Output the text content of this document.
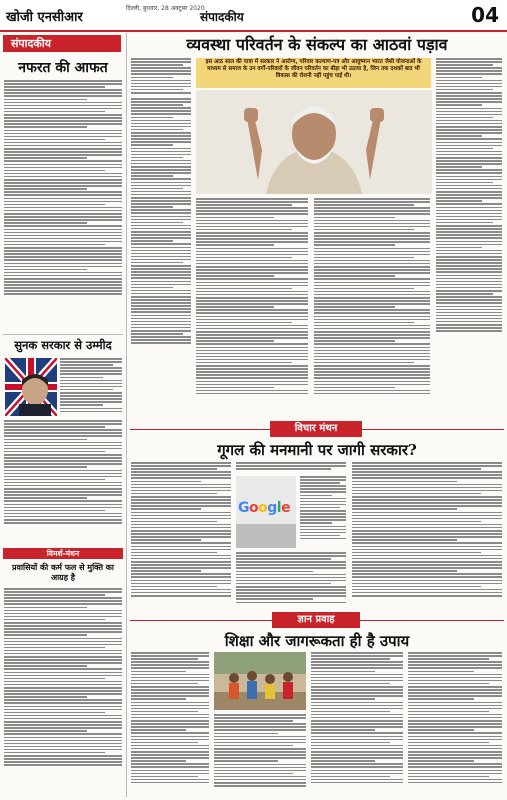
खोजी एनसीआर
दिल्ली, बुधवार, 28 अक्टूबर 2020
संपादकीय	04
संपादकीय
नफरत की आफत
सुनक सरकार से उम्मीद
विमर्श-मंथन
प्रवासियों की कर्म फल से मुक्ति का आग्रह है
व्यवस्था परिवर्तन के संकल्प का आठवां पड़ाव
इस आठ साल की यात्रा में सरकार ने आरोग्य, परिवार कल्याण-पत्र और आयुष्मान भारत जैसी योजनाओं के माध्यम से समाज के उन वर्गों-परिवारों के जीवन परिवर्तन का बीड़ा भी उठाया है, जिन तक दशकों बाद भी विकास की रोशनी नहीं पहुंच पाई थी।
विचार मंथन
गूगल की मनमानी पर जागी सरकार?
Google
ज्ञान प्रवाह
शिक्षा और जागरूकता ही है उपाय
